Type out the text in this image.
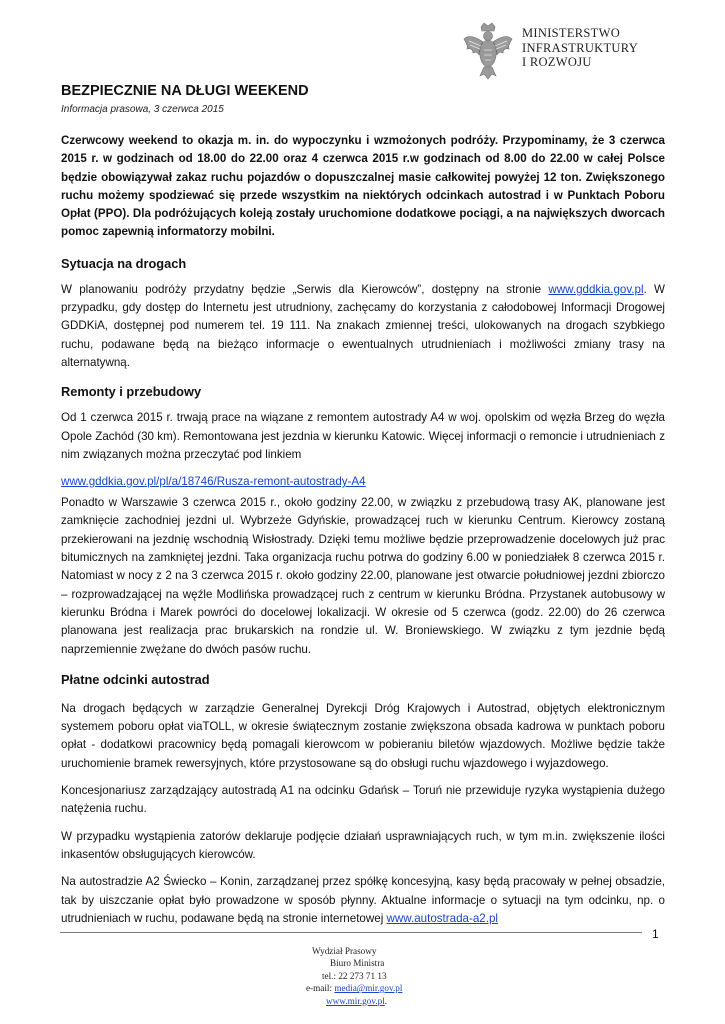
MINISTERSTWO
INFRASTRUKTURY
I ROZWOJU
BEZPIECZNIE NA DŁUGI WEEKEND
Informacja prasowa, 3 czerwca 2015

Czerwcowy weekend to okazja m. in. do wypoczynku i wzmożonych podróży. Przypominamy, że 3 czerwca 2015 r. w godzinach od 18.00 do 22.00 oraz 4 czerwca 2015 r.w godzinach od 8.00 do 22.00 w całej Polsce będzie obowiązywał zakaz ruchu pojazdów o dopuszczalnej masie całkowitej powyżej 12 ton. Zwiększonego ruchu możemy spodziewać się przede wszystkim na niektórych odcinkach autostrad i w Punktach Poboru Opłat (PPO). Dla podróżujących koleją zostały uruchomione dodatkowe pociągi, a na największych dworcach pomoc zapewnią informatorzy mobilni.

Sytuacja na drogach

W planowaniu podróży przydatny będzie „Serwis dla Kierowców”, dostępny na stronie www.gddkia.gov.pl. W przypadku, gdy dostęp do Internetu jest utrudniony, zachęcamy do korzystania z całodobowej Informacji Drogowej GDDKiA, dostępnej pod numerem tel. 19 111. Na znakach zmiennej treści, ulokowanych na drogach szybkiego ruchu, podawane będą na bieżąco informacje o ewentualnych utrudnieniach i możliwości zmiany trasy na alternatywną.

Remonty i przebudowy

Od 1 czerwca 2015 r. trwają prace na wiązane z remontem autostrady A4 w woj. opolskim od węzła Brzeg do węzła Opole Zachód (30 km). Remontowana jest jezdnia w kierunku Katowic. Więcej informacji o remoncie i utrudnieniach z nim związanych można przeczytać pod linkiem

www.gddkia.gov.pl/pl/a/18746/Rusza-remont-autostrady-A4

Ponadto w Warszawie 3 czerwca 2015 r., około godziny 22.00, w związku z przebudową trasy AK, planowane jest zamknięcie zachodniej jezdni ul. Wybrzeże Gdyńskie, prowadzącej ruch w kierunku Centrum. Kierowcy zostaną przekierowani na jezdnię wschodnią Wisłostrady. Dzięki temu możliwe będzie przeprowadzenie docelowych już prac bitumicznych na zamkniętej jezdni. Taka organizacja ruchu potrwa do godziny 6.00 w poniedziałek 8 czerwca 2015 r. Natomiast w nocy z 2 na 3 czerwca 2015 r. około godziny 22.00, planowane jest otwarcie południowej jezdni zbiorczo – rozprowadzającej na węźle Modlińska prowadzącej ruch z centrum w kierunku Bródna. Przystanek autobusowy w kierunku Bródna i Marek powróci do docelowej lokalizacji. W okresie od 5 czerwca (godz. 22.00) do 26 czerwca planowana jest realizacja prac brukarskich na rondzie ul. W. Broniewskiego. W związku z tym jezdnie będą naprzemiennie zwężane do dwóch pasów ruchu.

Płatne odcinki autostrad

Na drogach będących w zarządzie Generalnej Dyrekcji Dróg Krajowych i Autostrad, objętych elektronicznym systemem poboru opłat viaTOLL, w okresie świątecznym zostanie zwiększona obsada kadrowa w punktach poboru opłat - dodatkowi pracownicy będą pomagali kierowcom w pobieraniu biletów wjazdowych. Możliwe będzie także uruchomienie bramek rewersyjnych, które przystosowane są do obsługi ruchu wjazdowego i wyjazdowego.

Koncesjonariusz zarządzający autostradą A1 na odcinku Gdańsk – Toruń nie przewiduje ryzyka wystąpienia dużego natężenia ruchu.

W przypadku wystąpienia zatorów deklaruje podjęcie działań usprawniających ruch, w tym m.in. zwiększenie ilości inkasentów obsługujących kierowców.

Na autostradzie A2 Świecko – Konin, zarządzanej przez spółkę koncesyjną, kasy będą pracowały w pełnej obsadzie, tak by uiszczanie opłat było prowadzone w sposób płynny. Aktualne informacje o sytuacji na tym odcinku, np. o utrudnieniach w ruchu, podawane będą na stronie internetowej www.autostrada-a2.pl

1
Wydział Prasowy
Biuro Ministra
tel.: 22 273 71 13
e-mail: media@mir.gov.pl
www.mir.gov.pl.
